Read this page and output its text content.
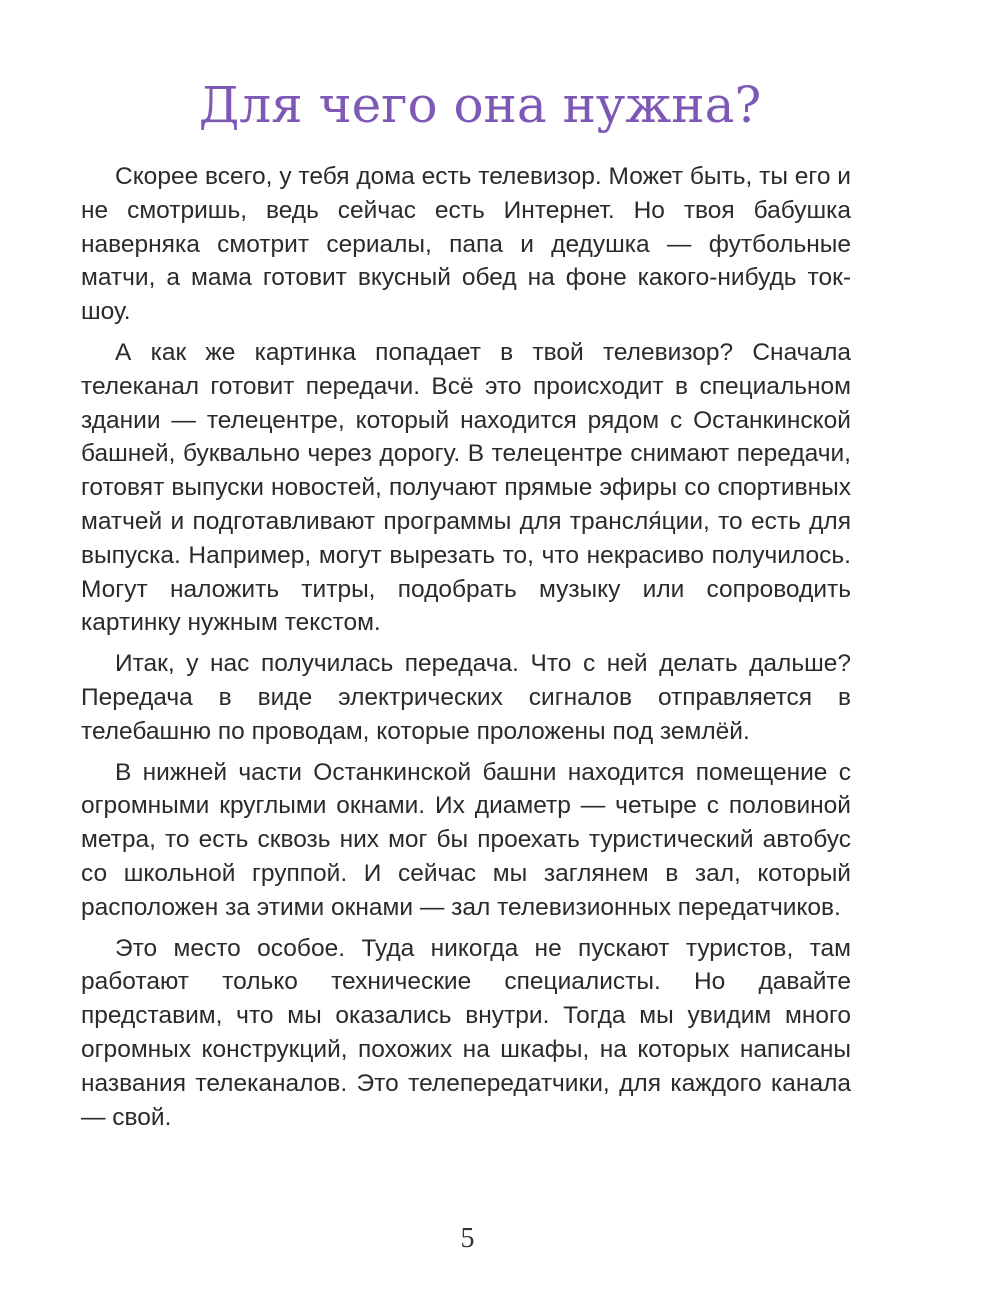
Для чего она нужна?

Скорее всего, у тебя дома есть телевизор. Может быть, ты его и не смотришь, ведь сейчас есть Интернет. Но твоя бабушка наверняка смотрит сериалы, папа и дедушка — футбольные матчи, а мама готовит вкусный обед на фоне какого-нибудь ток-шоу.

А как же картинка попадает в твой телевизор? Сначала телеканал готовит передачи. Всё это происходит в специальном здании — телецентре, который находится рядом с Останкинской башней, буквально через дорогу. В телецентре снимают передачи, готовят выпуски новостей, получают прямые эфиры со спортивных матчей и подготавливают программы для трансля́ции, то есть для выпуска. Например, могут вырезать то, что некрасиво получилось. Могут наложить титры, подобрать музыку или сопроводить картинку нужным текстом.

Итак, у нас получилась передача. Что с ней делать дальше? Передача в виде электрических сигналов отправляется в телебашню по проводам, которые проложены под землёй.

В нижней части Останкинской башни находится помещение с огромными круглыми окнами. Их диаметр — четыре с половиной метра, то есть сквозь них мог бы проехать туристический автобус со школьной группой. И сейчас мы заглянем в зал, который расположен за этими окнами — зал телевизионных передатчиков.

Это место особое. Туда никогда не пускают туристов, там работают только технические специалисты. Но давайте представим, что мы оказались внутри. Тогда мы увидим много огромных конструкций, похожих на шкафы, на которых написаны названия телеканалов. Это телепередатчики, для каждого канала — свой.

5
